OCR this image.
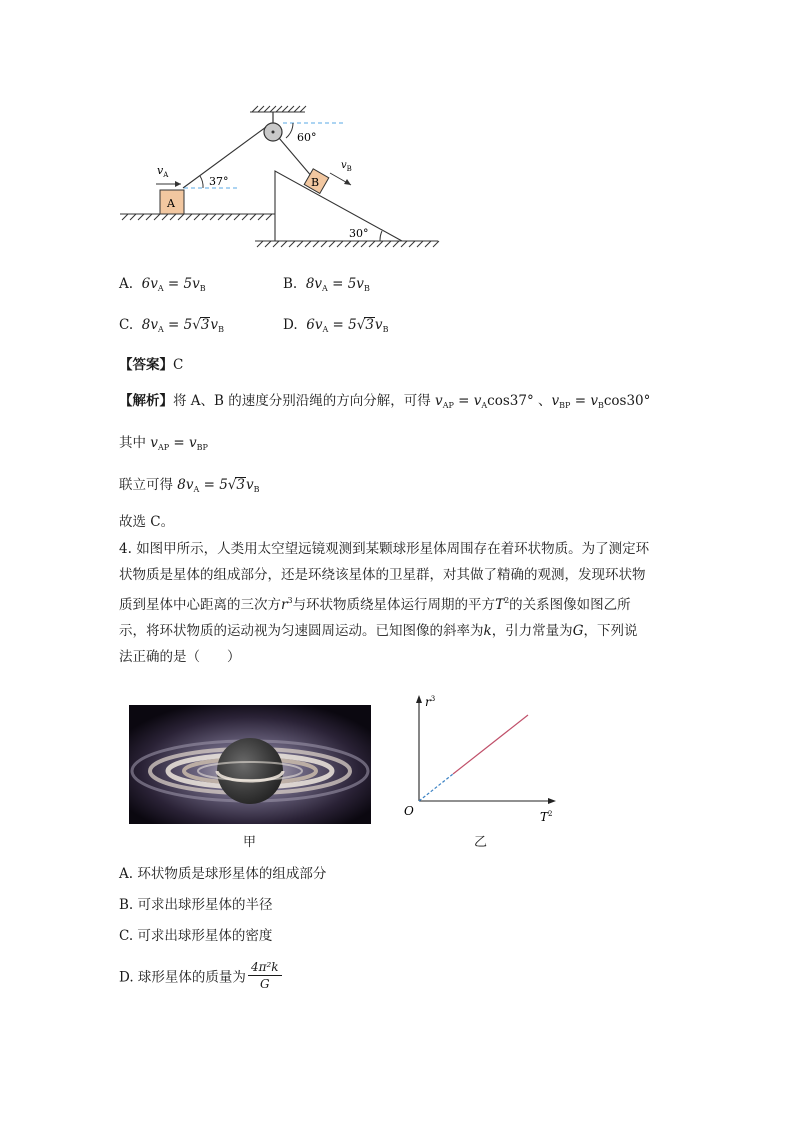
60°
A
37°
$v_A$
30°
B
$v_B$
A. $6v_A = 5v_B$	B. $8v_A = 5v_B$
C. $8v_A = 5√3v_B$	D. $6v_A = 5√3v_B$
【答案】C
【解析】将 A、B 的速度分别沿绳的方向分解，可得 $v_{AP} = v_A\cos 37^\circ$ 、$v_{BP} = v_B\cos 30^\circ$
其中 $v_{AP} = v_{BP}$
联立可得 $8v_A = 5√3v_B$
故选 C。
4. 如图甲所示，人类用太空望远镜观测到某颗球形星体周围存在着环状物质。为了测定环
状物质是星体的组成部分，还是环绕该星体的卫星群，对其做了精确的观测，发现环状物
质到星体中心距离的三次方$r^3$与环状物质绕星体运行周期的平方$T^2$的关系图像如图乙所
示，将环状物质的运动视为匀速圆周运动。已知图像的斜率为k，引力常量为G，下列说
法正确的是（　　）
甲
$r^3$
$T^2$
O
乙
A. 环状物质是球形星体的组成部分
B. 可求出球形星体的半径
C. 可求出球形星体的密度
D. 球形星体的质量为 $\frac{\text{4π²k}}{G}$
